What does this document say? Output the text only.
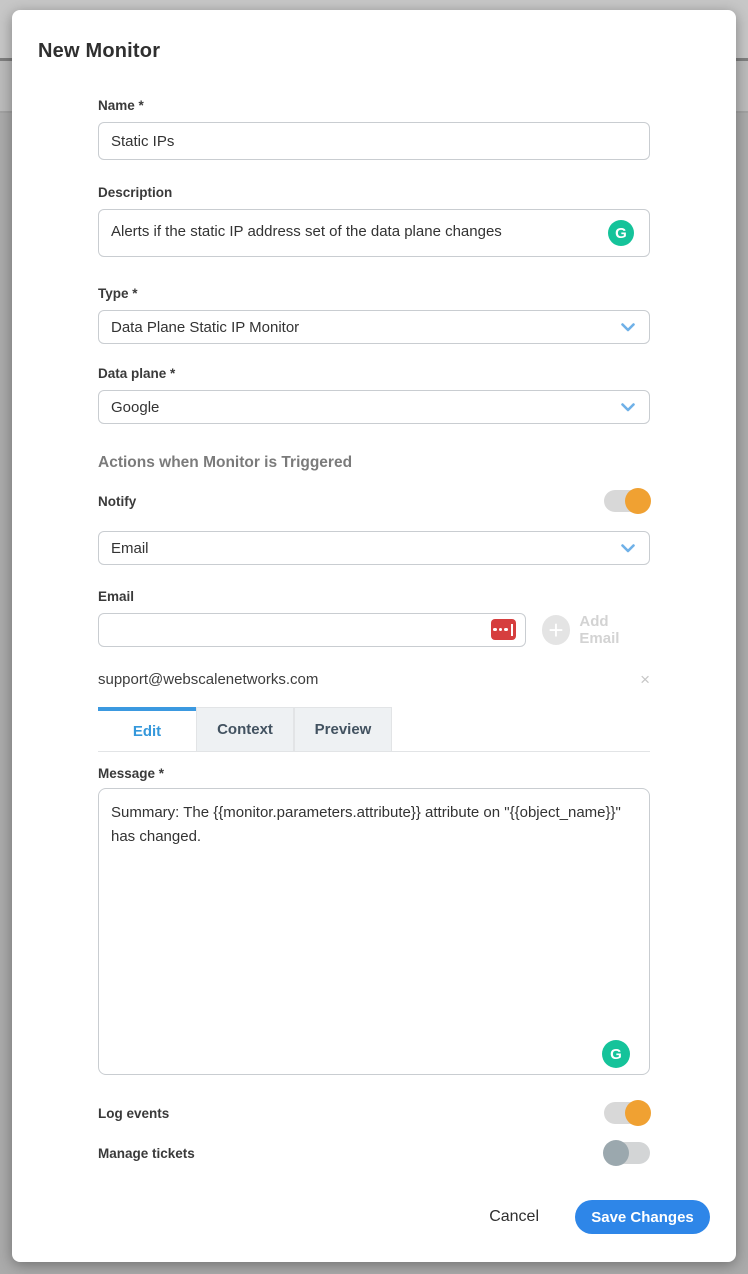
New Monitor
Name *
Static IPs
Description
Alerts if the static IP address set of the data plane changes
G
Type *
Data Plane Static IP Monitor
Data plane *
Google
Actions when Monitor is Triggered
Notify
Email
Email
+	Add Email
support@webscalenetworks.com	×
Edit	Context	Preview
Message *
Summary: The {{monitor.parameters.attribute}} attribute on "{{object_name}}" has changed.
G
Log events
Manage tickets
Cancel	Save Changes
